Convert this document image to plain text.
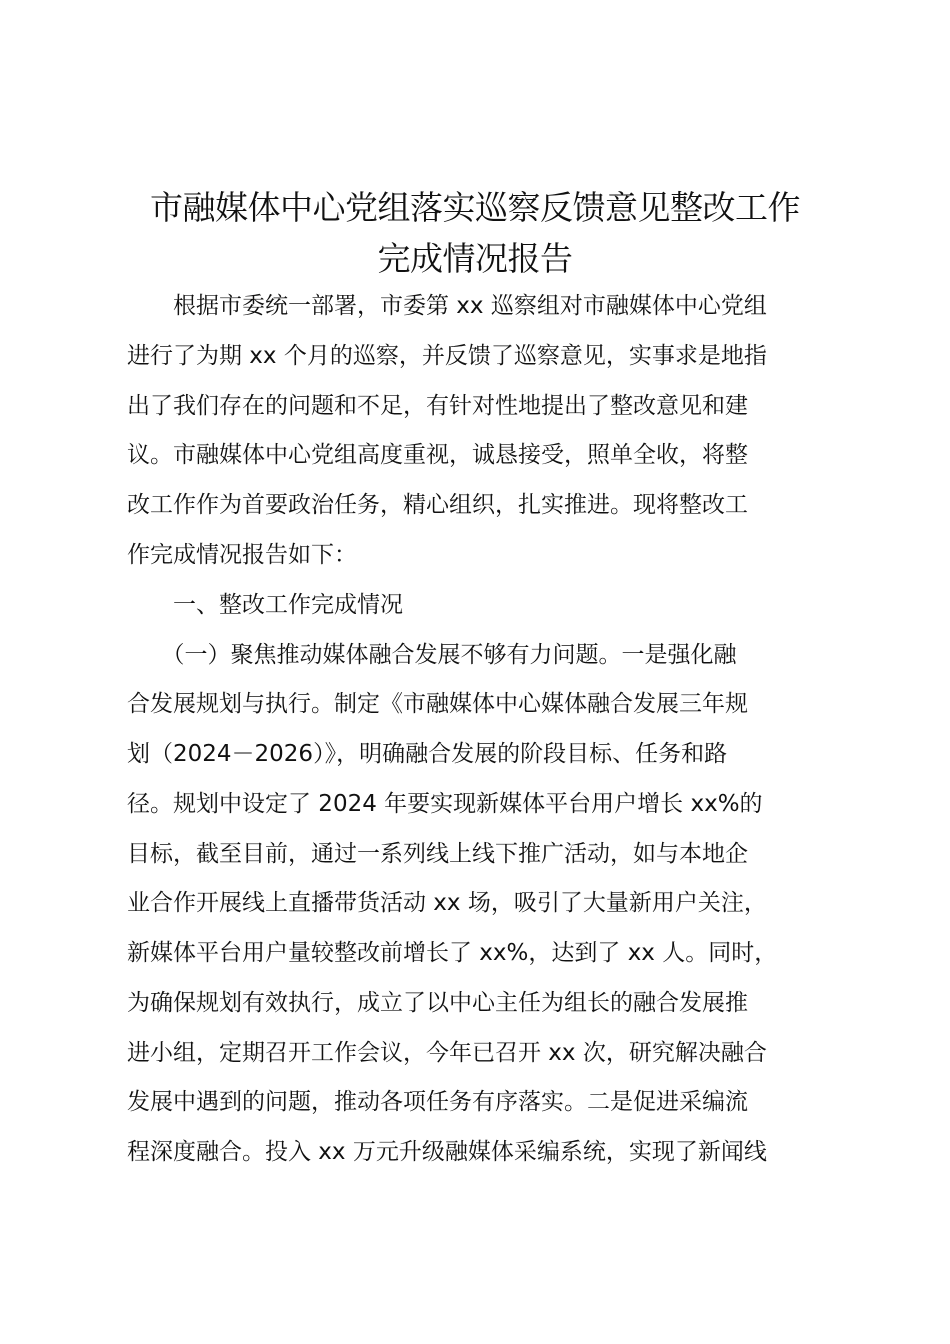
市融媒体中心党组落实巡察反馈意见整改工作
完成情况报告

　　根据市委统一部署，市委第 xx 巡察组对市融媒体中心党组

进行了为期 xx 个月的巡察，并反馈了巡察意见，实事求是地指

出了我们存在的问题和不足，有针对性地提出了整改意见和建

议。市融媒体中心党组高度重视，诚恳接受，照单全收，将整

改工作作为首要政治任务，精心组织，扎实推进。现将整改工

作完成情况报告如下：

　　一、整改工作完成情况

　　（一）聚焦推动媒体融合发展不够有力问题。一是强化融

合发展规划与执行。制定《市融媒体中心媒体融合发展三年规

划（2024－2026）》，明确融合发展的阶段目标、任务和路

径。规划中设定了 2024 年要实现新媒体平台用户增长 xx%的

目标，截至目前，通过一系列线上线下推广活动，如与本地企

业合作开展线上直播带货活动 xx 场，吸引了大量新用户关注，

新媒体平台用户量较整改前增长了 xx%，达到了 xx 人。同时，

为确保规划有效执行，成立了以中心主任为组长的融合发展推

进小组，定期召开工作会议，今年已召开 xx 次，研究解决融合

发展中遇到的问题，推动各项任务有序落实。二是促进采编流

程深度融合。投入 xx 万元升级融媒体采编系统，实现了新闻线
